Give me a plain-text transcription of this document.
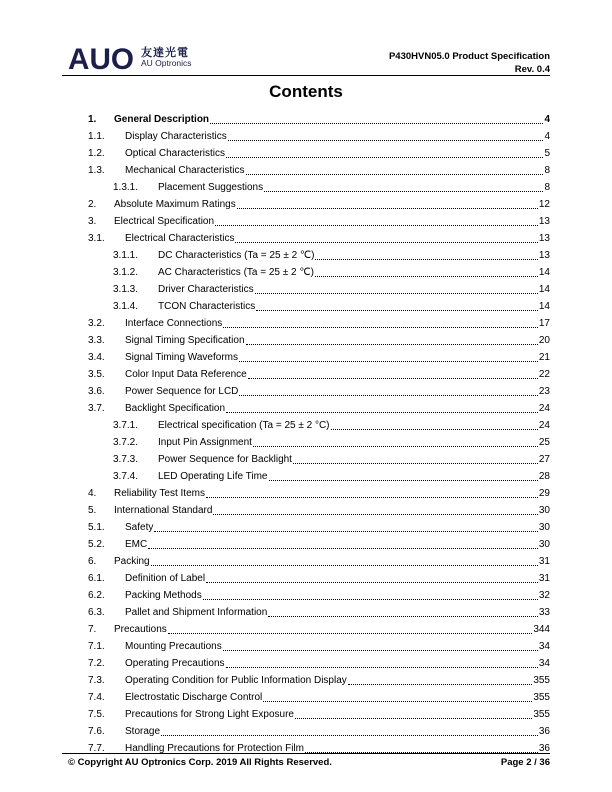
AUO 友達光電
AU Optronics
P430HVN05.0 Product Specification
Rev. 0.4
Contents
1.	General Description	4
1.1.	Display Characteristics	4
1.2.	Optical Characteristics	5
1.3.	Mechanical Characteristics	8
1.3.1.	Placement Suggestions	8
2.	Absolute Maximum Ratings	12
3.	Electrical Specification	13
3.1.	Electrical Characteristics	13
3.1.1.	DC Characteristics (Ta = 25 ± 2 ℃)	13
3.1.2.	AC Characteristics (Ta = 25 ± 2 ℃)	14
3.1.3.	Driver Characteristics	14
3.1.4.	TCON Characteristics	14
3.2.	Interface Connections	17
3.3.	Signal Timing Specification	20
3.4.	Signal Timing Waveforms	21
3.5.	Color Input Data Reference	22
3.6.	Power Sequence for LCD	23
3.7.	Backlight Specification	24
3.7.1.	Electrical specification (Ta = 25 ± 2 °C)	24
3.7.2.	Input Pin Assignment	25
3.7.3.	Power Sequence for Backlight	27
3.7.4.	LED Operating Life Time	28
4.	Reliability Test Items	29
5.	International Standard	30
5.1.	Safety	30
5.2.	EMC	30
6.	Packing	31
6.1.	Definition of Label	31
6.2.	Packing Methods	32
6.3.	Pallet and Shipment Information	33
7.	Precautions	344
7.1.	Mounting Precautions	34
7.2.	Operating Precautions	34
7.3.	Operating Condition for Public Information Display	355
7.4.	Electrostatic Discharge Control	355
7.5.	Precautions for Strong Light Exposure	355
7.6.	Storage	36
7.7.	Handling Precautions for Protection Film	36
© Copyright AU Optronics Corp. 2019 All Rights Reserved.	Page 2 / 36
